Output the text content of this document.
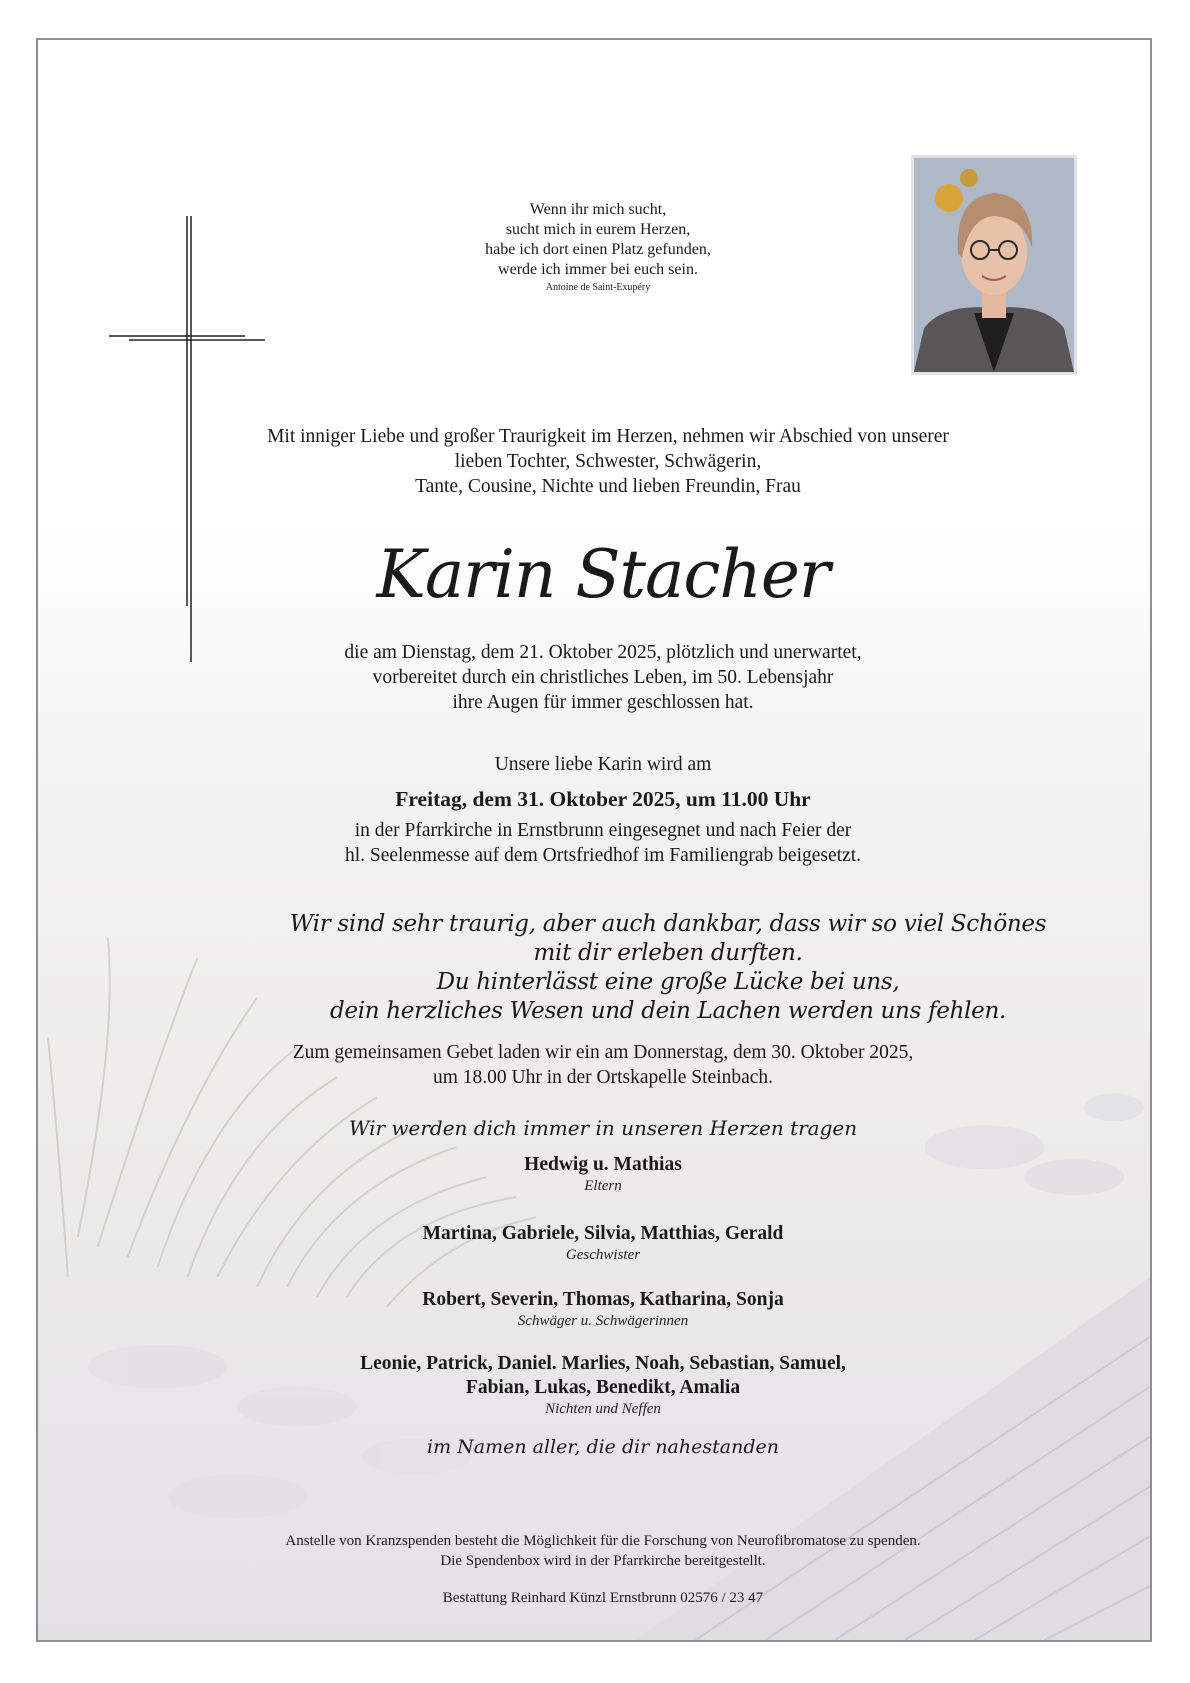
Wenn ihr mich sucht,
sucht mich in eurem Herzen,
habe ich dort einen Platz gefunden,
werde ich immer bei euch sein.
Antoine de Saint-Exupéry
Mit inniger Liebe und großer Traurigkeit im Herzen, nehmen wir Abschied von unserer
lieben Tochter, Schwester, Schwägerin,
Tante, Cousine, Nichte und lieben Freundin, Frau
Karin Stacher
die am Dienstag, dem 21. Oktober 2025, plötzlich und unerwartet,
vorbereitet durch ein christliches Leben, im 50. Lebensjahr
ihre Augen für immer geschlossen hat.
Unsere liebe Karin wird am
Freitag, dem 31. Oktober 2025, um 11.00 Uhr
in der Pfarrkirche in Ernstbrunn eingesegnet und nach Feier der
hl. Seelenmesse auf dem Ortsfriedhof im Familiengrab beigesetzt.
Wir sind sehr traurig, aber auch dankbar, dass wir so viel Schönes mit dir erleben durften.
Du hinterlässt eine große Lücke bei uns,
dein herzliches Wesen und dein Lachen werden uns fehlen.
Zum gemeinsamen Gebet laden wir ein am Donnerstag, dem 30. Oktober 2025,
um 18.00 Uhr in der Ortskapelle Steinbach.
Wir werden dich immer in unseren Herzen tragen
Hedwig u. Mathias
Eltern
Martina, Gabriele, Silvia, Matthias, Gerald
Geschwister
Robert, Severin, Thomas, Katharina, Sonja
Schwäger u. Schwägerinnen
Leonie, Patrick, Daniel. Marlies, Noah, Sebastian, Samuel,
Fabian, Lukas, Benedikt, Amalia
Nichten und Neffen
im Namen aller, die dir nahestanden
Anstelle von Kranzspenden besteht die Möglichkeit für die Forschung von Neurofibromatose zu spenden.
Die Spendenbox wird in der Pfarrkirche bereitgestellt.
Bestattung Reinhard Künzl Ernstbrunn 02576 / 23 47
